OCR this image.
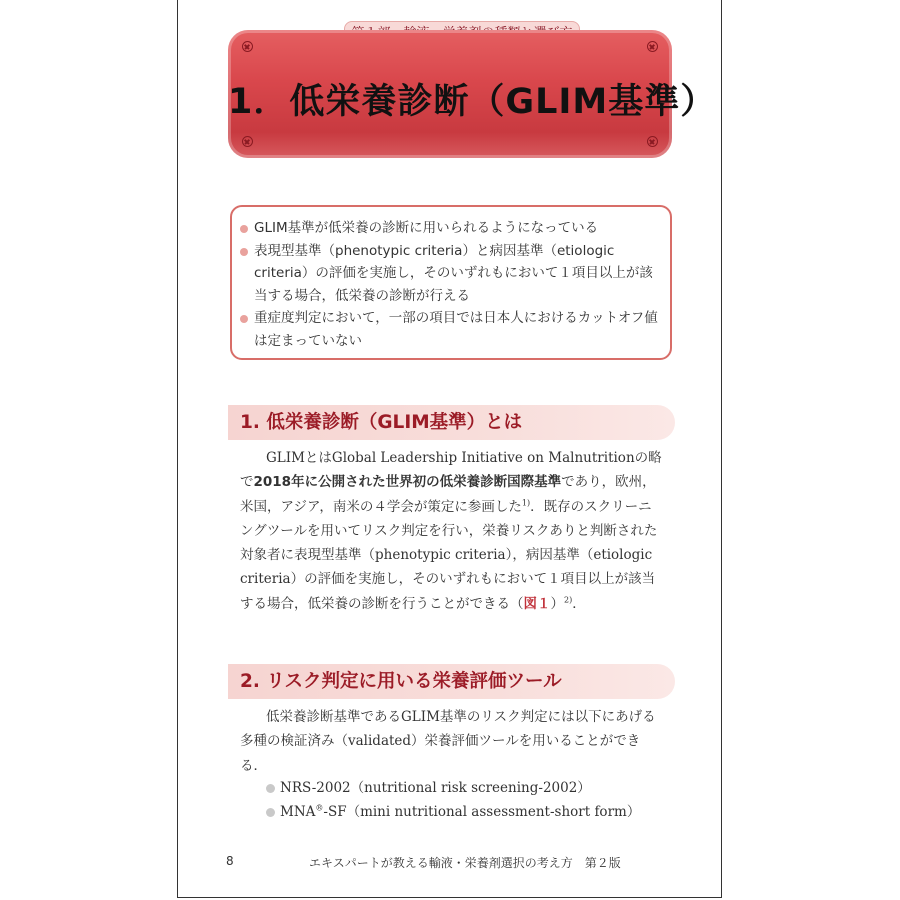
1．低栄養診断（GLIM基準）
GLIM基準が低栄養の診断に用いられるようになっている
表現型基準（phenotypic criteria）と病因基準（etiologic criteria）の評価を実施し，そのいずれもにおいて１項目以上が該当する場合，低栄養の診断が行える
重症度判定において，一部の項目では日本人におけるカットオフ値は定まっていない
1. 低栄養診断（GLIM基準）とは

GLIMとはGlobal Leadership Initiative on Malnutritionの略で2018年に公開された世界初の低栄養診断国際基準であり，欧州，米国，アジア，南米の４学会が策定に参画した$^{1)}$．既存のスクリーニングツールを用いてリスク判定を行い，栄養リスクありと判断された対象者に表現型基準（phenotypic criteria），病因基準（etiologic criteria）の評価を実施し，そのいずれもにおいて１項目以上が該当する場合，低栄養の診断を行うことができる（図１）$^{2)}$．

2. リスク判定に用いる栄養評価ツール

低栄養診断基準であるGLIM基準のリスク判定には以下にあげる多種の検証済み（validated）栄養評価ツールを用いることができる．

NRS-2002（nutritional risk screening-2002）
MNA®-SF（mini nutritional assessment-short form）
8	エキスパートが教える輸液・栄養剤選択の考え方　第２版
